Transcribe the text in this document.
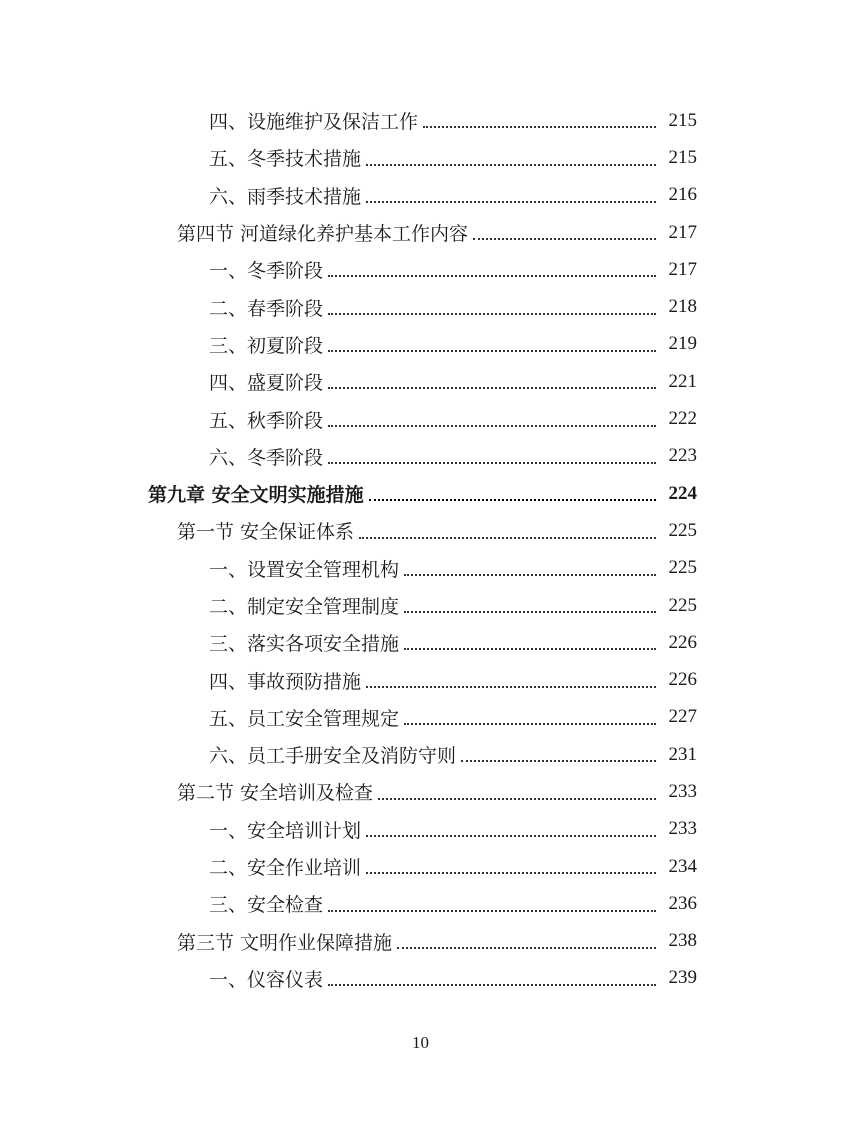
四、设施维护及保洁工作	215
五、冬季技术措施	215
六、雨季技术措施	216
第四节 河道绿化养护基本工作内容	217
一、冬季阶段	217
二、春季阶段	218
三、初夏阶段	219
四、盛夏阶段	221
五、秋季阶段	222
六、冬季阶段	223
第九章 安全文明实施措施	224
第一节 安全保证体系	225
一、设置安全管理机构	225
二、制定安全管理制度	225
三、落实各项安全措施	226
四、事故预防措施	226
五、员工安全管理规定	227
六、员工手册安全及消防守则	231
第二节 安全培训及检查	233
一、安全培训计划	233
二、安全作业培训	234
三、安全检查	236
第三节 文明作业保障措施	238
一、仪容仪表	239
10
